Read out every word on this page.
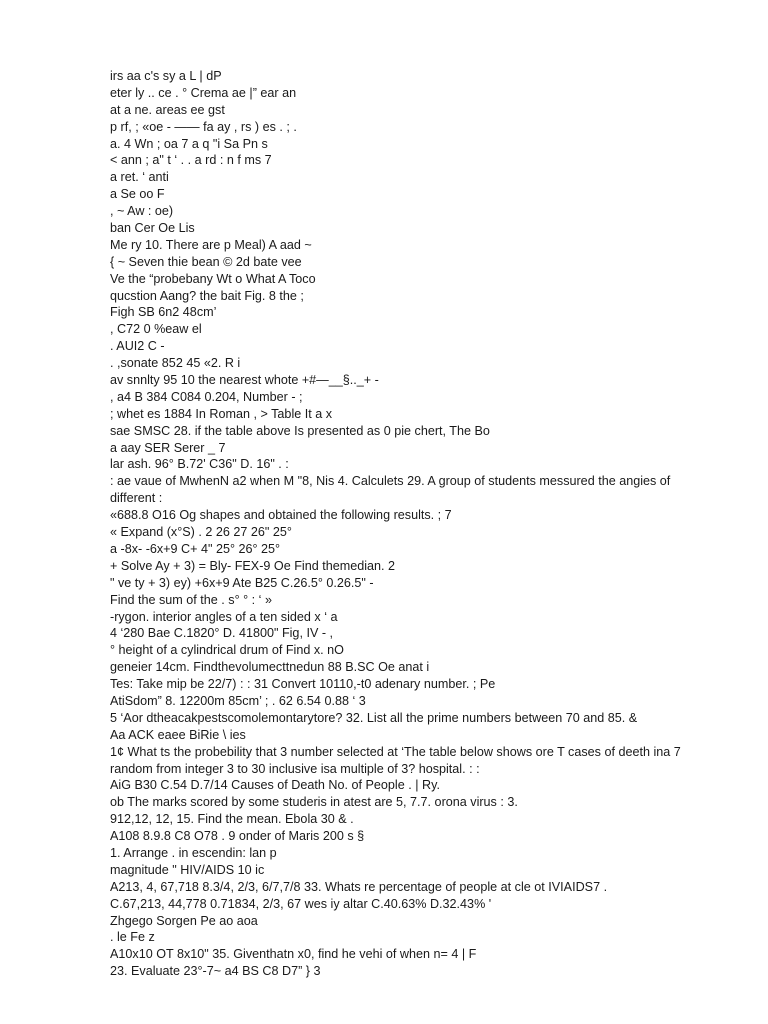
irs aa c's sy a L | dP
eter ly .. ce . ° Crema ae |” ear an
at a ne. areas ee gst
p rf, ; «oe - —— fa ay , rs ) es . ; .
a. 4 Wn ; oa 7 a q "i Sa Pn s
< ann ; a" t ‘ . . a rd : n f ms 7
a ret. ‘ anti
a Se oo F
, ~ Aw : oe)
ban Cer Oe Lis
Me ry 10. There are p Meal) A aad ~
{ ~ Seven thie bean © 2d bate vee
Ve the “probebany Wt o What A Toco
qucstion Aang? the bait Fig. 8 the ;
Figh SB 6n2 48cm’
, C72 0 %eaw el
. AUI2 C -
. ,sonate 852 45 «2. R i
av snnlty 95 10 the nearest whote +#—__§.._+ -
, a4 B 384 C084 0.204, Number - ;
; whet es 1884 In Roman , > Table It a x
sae SMSC 28. if the table above Is presented as 0 pie chert, The Bo
a aay SER Serer _ 7
lar ash. 96° B.72' C36" D. 16" . :
: ae vaue of MwhenN a2 when M "8, Nis 4. Calculets 29. A group of students messured the angies of
different :
«688.8 O16 Og shapes and obtained the following results. ; 7
« Expand (x°S) . 2 26 27 26" 25°
a -8x- -6x+9 C+ 4" 25° 26° 25°
+ Solve Ay + 3) = Bly- FEX-9 Oe Find themedian. 2
" ve ty + 3) ey) +6x+9 Ate B25 C.26.5° 0.26.5" -
Find the sum of the . s° ° : ‘ »
-rygon. interior angles of a ten sided x ‘ a
4 ‘280 Bae C.1820° D. 41800" Fig, IV - ,
° height of a cylindrical drum of Find x. nO
geneier 14cm. Findthevolumecttnedun 88 B.SC Oe anat i
Tes: Take mip be 22/7) : : 31 Convert 10110,-t0 adenary number. ; Pe
AtiSdom” 8. 12200m 85cm’ ; . 62 6.54 0.88 ‘ 3
5 ‘Aor dtheacakpestscomolemontarytore? 32. List all the prime numbers between 70 and 85. &
Aa ACK eaee BiRie \ ies
1¢ What ts the probebility that 3 number selected at ‘The table below shows ore T cases of deeth ina 7
random from integer 3 to 30 inclusive isa multiple of 3? hospital. : :
AiG B30 C.54 D.7/14 Causes of Death No. of People . | Ry.
ob The marks scored by some studeris in atest are 5, 7.7. orona virus : 3.
912,12, 12, 15. Find the mean. Ebola 30 & .
A108 8.9.8 C8 O78 . 9 onder of Maris 200 s §
1. Arrange . in escendin: lan p
magnitude " HIV/AIDS 10 ic
A213, 4, 67,718 8.3/4, 2/3, 6/7,7/8 33. Whats re percentage of people at cle ot IVIAIDS7 .
C.67,213, 44,778 0.71834, 2/3, 67 wes iy altar C.40.63% D.32.43% '
Zhgego Sorgen Pe ao aoa
. le Fe z
A10x10 OT 8x10" 35. Giventhatn x0, find he vehi of when n= 4 | F
23. Evaluate 23°-7~ a4 BS C8 D7” } 3
